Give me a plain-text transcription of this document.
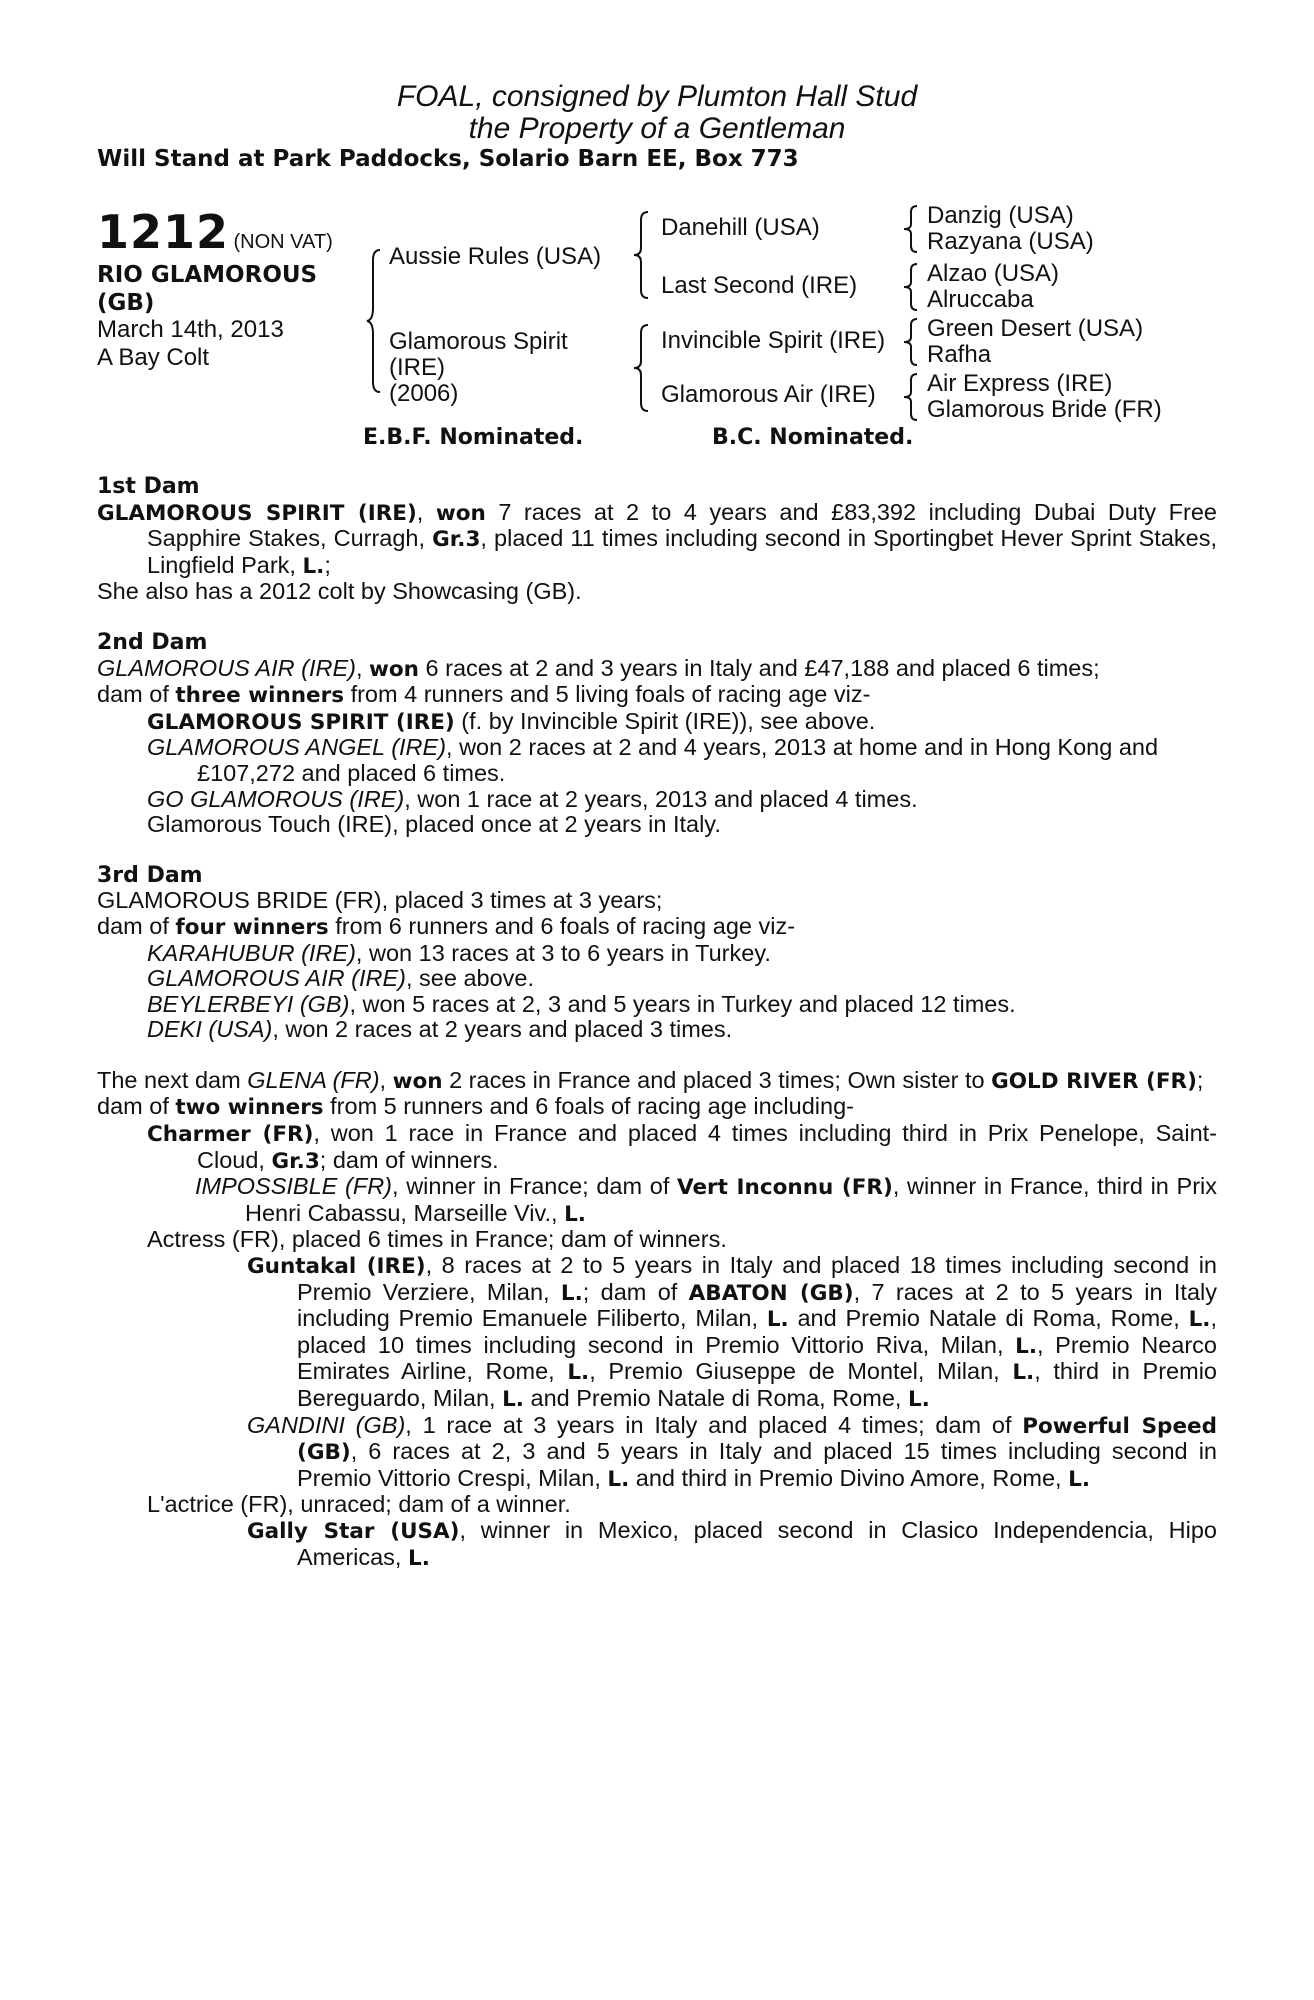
FOAL, consigned by Plumton Hall Stud
the Property of a Gentleman
Will Stand at Park Paddocks, Solario Barn EE, Box 773
1212 (NON VAT)
RIO GLAMOROUS
(GB)
March 14th, 2013
A Bay Colt
Aussie Rules (USA)
Glamorous Spirit
(IRE)
(2006)
Danehill (USA)
Last Second (IRE)
Invincible Spirit (IRE)
Glamorous Air (IRE)
Danzig (USA)
Razyana (USA)
Alzao (USA)
Alruccaba
Green Desert (USA)
Rafha
Air Express (IRE)
Glamorous Bride (FR)
E.B.F. Nominated.	B.C. Nominated.

1st Dam

GLAMOROUS SPIRIT (IRE), won 7 races at 2 to 4 years and £83,392 including Dubai Duty Free Sapphire Stakes, Curragh, Gr.3, placed 11 times including second in Sportingbet Hever Sprint Stakes, Lingfield Park, L.;

She also has a 2012 colt by Showcasing (GB).

2nd Dam

GLAMOROUS AIR (IRE), won 6 races at 2 and 3 years in Italy and £47,188 and placed 6 times;

dam of three winners from 4 runners and 5 living foals of racing age viz-

GLAMOROUS SPIRIT (IRE) (f. by Invincible Spirit (IRE)), see above.

GLAMOROUS ANGEL (IRE), won 2 races at 2 and 4 years, 2013 at home and in Hong Kong and £107,272 and placed 6 times.

GO GLAMOROUS (IRE), won 1 race at 2 years, 2013 and placed 4 times.

Glamorous Touch (IRE), placed once at 2 years in Italy.

3rd Dam

GLAMOROUS BRIDE (FR), placed 3 times at 3 years;

dam of four winners from 6 runners and 6 foals of racing age viz-

KARAHUBUR (IRE), won 13 races at 3 to 6 years in Turkey.

GLAMOROUS AIR (IRE), see above.

BEYLERBEYI (GB), won 5 races at 2, 3 and 5 years in Turkey and placed 12 times.

DEKI (USA), won 2 races at 2 years and placed 3 times.

The next dam GLENA (FR), won 2 races in France and placed 3 times; Own sister to GOLD RIVER (FR);

dam of two winners from 5 runners and 6 foals of racing age including-

Charmer (FR), won 1 race in France and placed 4 times including third in Prix Penelope, Saint-Cloud, Gr.3; dam of winners.

IMPOSSIBLE (FR), winner in France; dam of Vert Inconnu (FR), winner in France, third in Prix Henri Cabassu, Marseille Viv., L.

Actress (FR), placed 6 times in France; dam of winners.

Guntakal (IRE), 8 races at 2 to 5 years in Italy and placed 18 times including second in Premio Verziere, Milan, L.; dam of ABATON (GB), 7 races at 2 to 5 years in Italy including Premio Emanuele Filiberto, Milan, L. and Premio Natale di Roma, Rome, L., placed 10 times including second in Premio Vittorio Riva, Milan, L., Premio Nearco Emirates Airline, Rome, L., Premio Giuseppe de Montel, Milan, L., third in Premio Bereguardo, Milan, L. and Premio Natale di Roma, Rome, L.

GANDINI (GB), 1 race at 3 years in Italy and placed 4 times; dam of Powerful Speed (GB), 6 races at 2, 3 and 5 years in Italy and placed 15 times including second in Premio Vittorio Crespi, Milan, L. and third in Premio Divino Amore, Rome, L.

L'actrice (FR), unraced; dam of a winner.

Gally Star (USA), winner in Mexico, placed second in Clasico Independencia, Hipo Americas, L.
